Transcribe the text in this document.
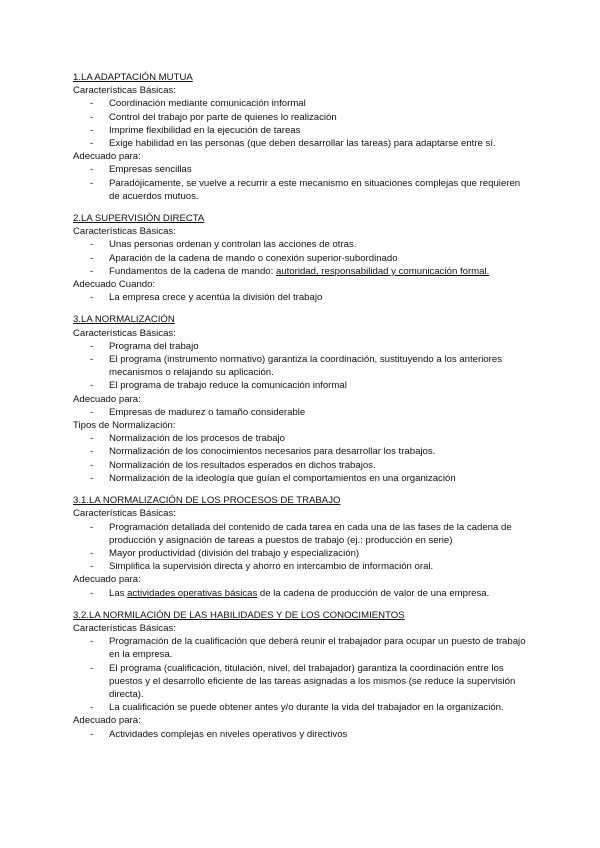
1.LA ADAPTACIÓN MUTUA
Características Básicas:
- Coordinación mediante comunicación informal
- Control del trabajo por parte de quienes lo realización
- Imprime flexibilidad en la ejecución de tareas
- Exige habilidad en las personas (que deben desarrollar las tareas) para adaptarse entre sí.
Adecuado para:
- Empresas sencillas
- Paradójicamente, se vuelve a recurrir a este mecanismo en situaciones complejas que requieren de acuerdos mutuos.
2.LA SUPERVISIÓN DIRECTA
Características Básicas:
- Unas personas ordenan y controlan las acciones de otras.
- Aparación de la cadena de mando o conexión superior-subordinado
- Fundamentos de la cadena de mando: autoridad, responsabilidad y comunicación formal.
Adecuado Cuando:
- La empresa crece y acentúa la división del trabajo
3.LA NORMALIZACIÓN
Características Básicas:
- Programa del trabajo
- El programa (instrumento normativo) garantiza la coordinación, sustituyendo a los anteriores mecanismos o relajando su aplicación.
- El programa de trabajo reduce la comunicación informal
Adecuado para:
- Empresas de madurez o tamaño considerable
Tipos de Normalización:
- Normalización de los procesos de trabajo
- Normalización de los conocimientos necesarios para desarrollar los trabajos.
- Normalización de los resultados esperados en dichos trabajos.
- Normalización de la ideología que guían el comportamientos en una organización
3.1.LA NORMALIZACIÓN DE LOS PROCESOS DE TRABAJO
Características Básicas:
- Programación detallada del contenido de cada tarea en cada una de las fases de la cadena de producción y asignación de tareas a puestos de trabajo (ej.: producción en serie)
- Mayor productividad (división del trabajo y especialización)
- Simplifica la supervisión directa y ahorro en intercambio de información oral.
Adecuado para:
- Las actividades operativas básicas de la cadena de producción de valor de una empresa.
3.2.LA NORMILACIÓN DE LAS HABILIDADES Y DE LOS CONOCIMIENTOS
Características Básicas:
- Programación de la cualificación que deberá reunir el trabajador para ocupar un puesto de trabajo en la empresa.
- El programa (cualificación, titulación, nivel, del trabajador) garantiza la coordinación entre los puestos y el desarrollo eficiente de las tareas asignadas a los mismos (se reduce la supervisión directa).
- La cualificación se puede obtener antes y/o durante la vida del trabajador en la organización.
Adecuado para:
- Actividades complejas en niveles operativos y directivos
